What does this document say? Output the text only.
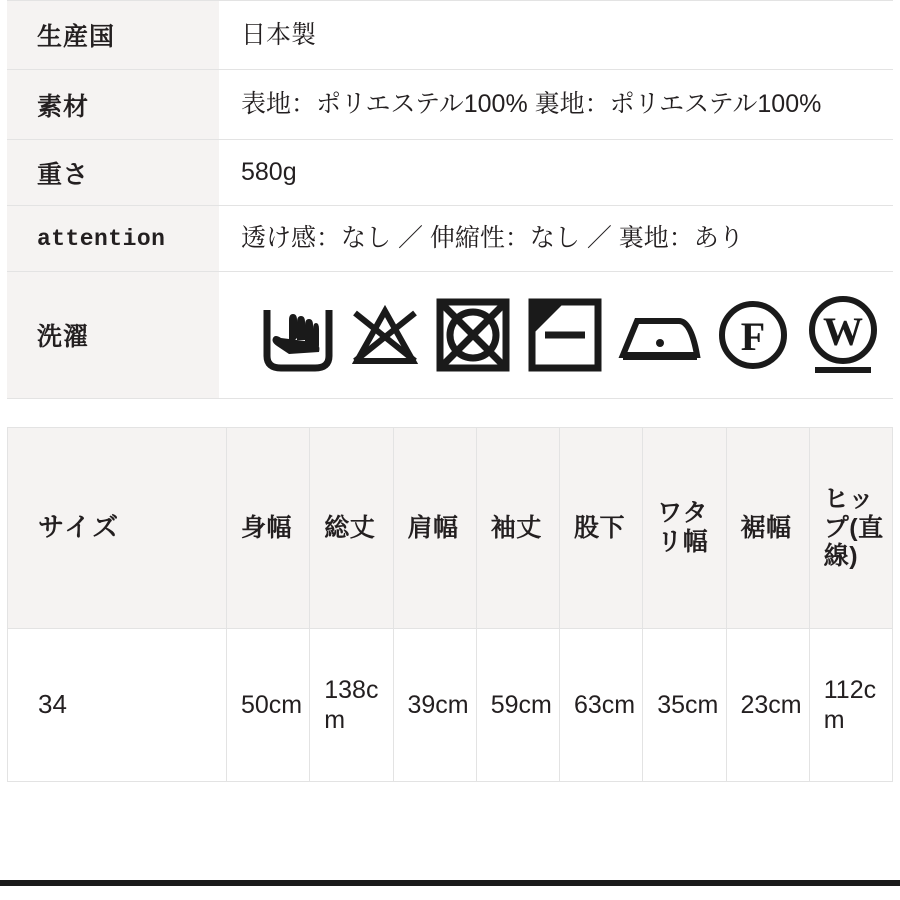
生産国	日本製
素材	表地：ポリエステル100% 裏地：ポリエステル100%
重さ	580g
attention	透け感：なし ／ 伸縮性：なし ／ 裏地：あり
洗濯	F W
サイズ	身幅	総丈	肩幅	袖丈	股下	ワタリ幅	裾幅	ヒップ(直線)
34	50cm	138cm	39cm	59cm	63cm	35cm	23cm	112cm
